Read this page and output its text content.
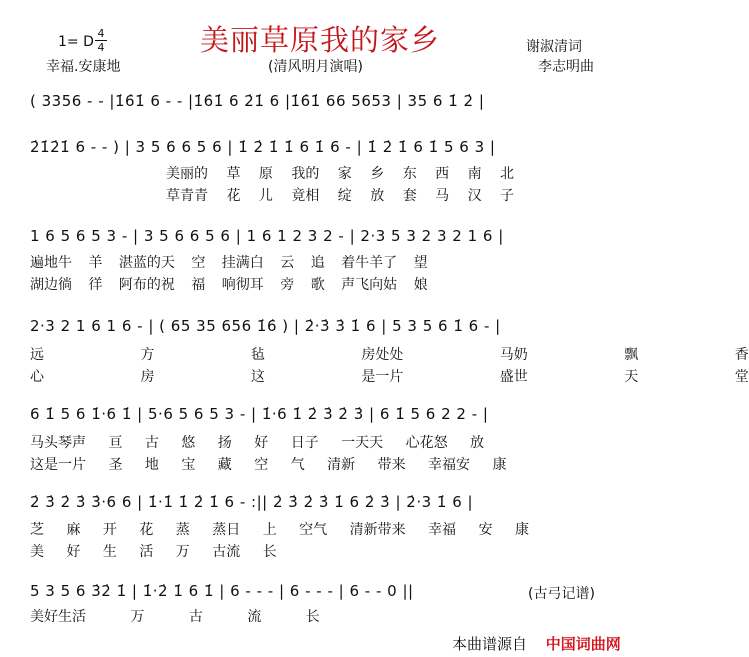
美丽草原我的家乡
1= D
4
4	谢淑清词
幸福.安康地	(清风明月演唱)	李志明曲
( 3356 - - |1̇6̇1̇ 6 - - |1̇6̇1̇ 6 2̇1̇ 6 |1̇6̇1̇ 66 5653 | 35 6 1̇ 2̇ |
2̇1̇2̇1̇ 6 - - ) | 3 5 6 6 5 6 | 1̇ 2̇ 1̇ 1̇ 6 1̇ 6 - | 1̇ 2̇ 1̇ 6 1̇ 5 6 3 |
美丽的 草 原 我的 家 乡 东 西 南 北
草青青 花 儿 竟相 绽 放 套 马 汉 子
1 6 5 6 5 3 - | 3 5 6 6 5 6 | 1 6 1 2 3 2 - | 2·3 5 3 2 3 2 1 6 |
遍地牛 羊 湛蓝的天 空 挂满白 云 追 着牛羊了 望
湖边徜 徉 阿布的祝 福 响彻耳 旁 歌 声飞向姑 娘
2·3 2 1 6 1 6 - | ( 65 35 656 1̇6̇ ) | 2̇·3̇ 3̇ 1̇ 6 | 5 3 5 6 1̇ 6 - |
远 方 毡 房处处 马奶 飘 香
心 房 这 是一片 盛世 天 堂
6 1̇ 5 6 1̇·6 1̇ | 5·6 5 6 5 3 - | 1̇·6 1̇ 2̇ 3̇ 2̇ 3̇ | 6 1̇ 5 6 2 2 - |
马头琴声 亘 古 悠 扬 好 日子 一天天 心花怒 放
这是一片 圣 地 宝 藏 空 气 清新 带来 幸福安 康
2̇ 3̇ 2̇ 3̇ 3̇·6 6 | 1̇·1̇ 1̇ 2̇ 1̇ 6 - :|| 2̇ 3̇ 2̇ 3̇ 1̇ 6 2̇ 3̇ | 2̇·3 1̇ 6 |
芝 麻 开 花 蒸 蒸日 上 空气 清新带来 幸福 安 康
美 好 生 活 万 古流 长
5 3 5 6 3̇2̇ 1̇ | 1̇·2̇ 1̇ 6 1̇ | 6 - - - | 6 - - - | 6 - - 0 ||	(古弓记谱)
美好生活 万 古 流 长
本曲谱源自 中国词曲网
